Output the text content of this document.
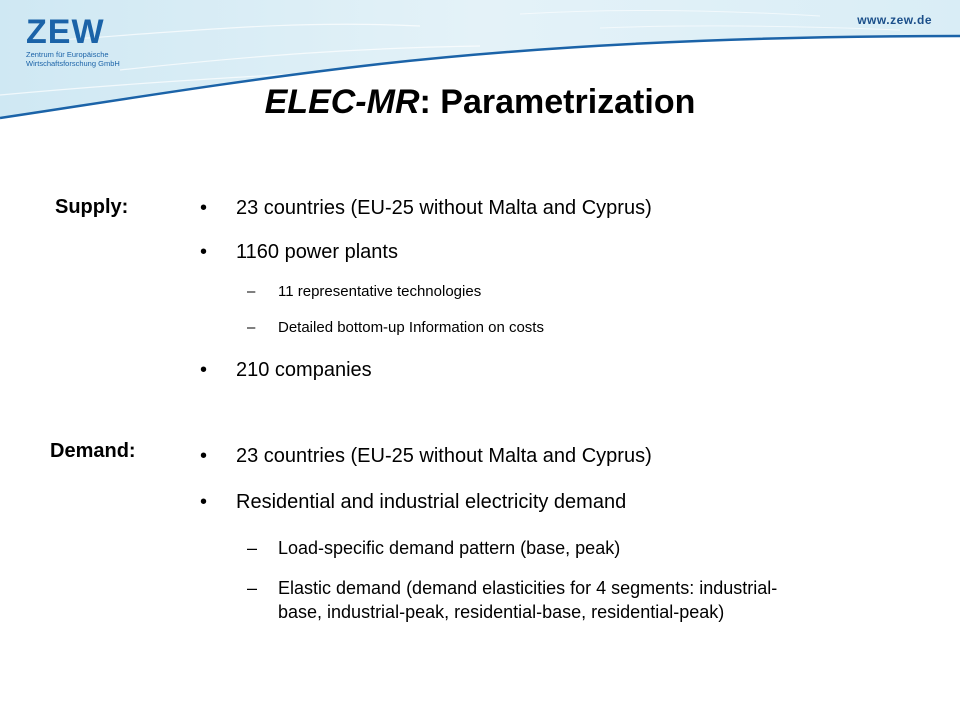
ZEW
Zentrum für Europäische
Wirtschaftsforschung GmbH
www.zew.de
ELEC-MR: Parametrization
Supply:	• 23 countries (EU-25 without Malta and Cyprus)
• 1160 power plants
– 11 representative technologies
– Detailed bottom-up Information on costs
• 210 companies
Demand:	• 23 countries (EU-25 without Malta and Cyprus)
• Residential and industrial electricity demand
– Load-specific demand pattern (base, peak)
– Elastic demand (demand elasticities for 4 segments: industrial-
base, industrial-peak, residential-base, residential-peak)
